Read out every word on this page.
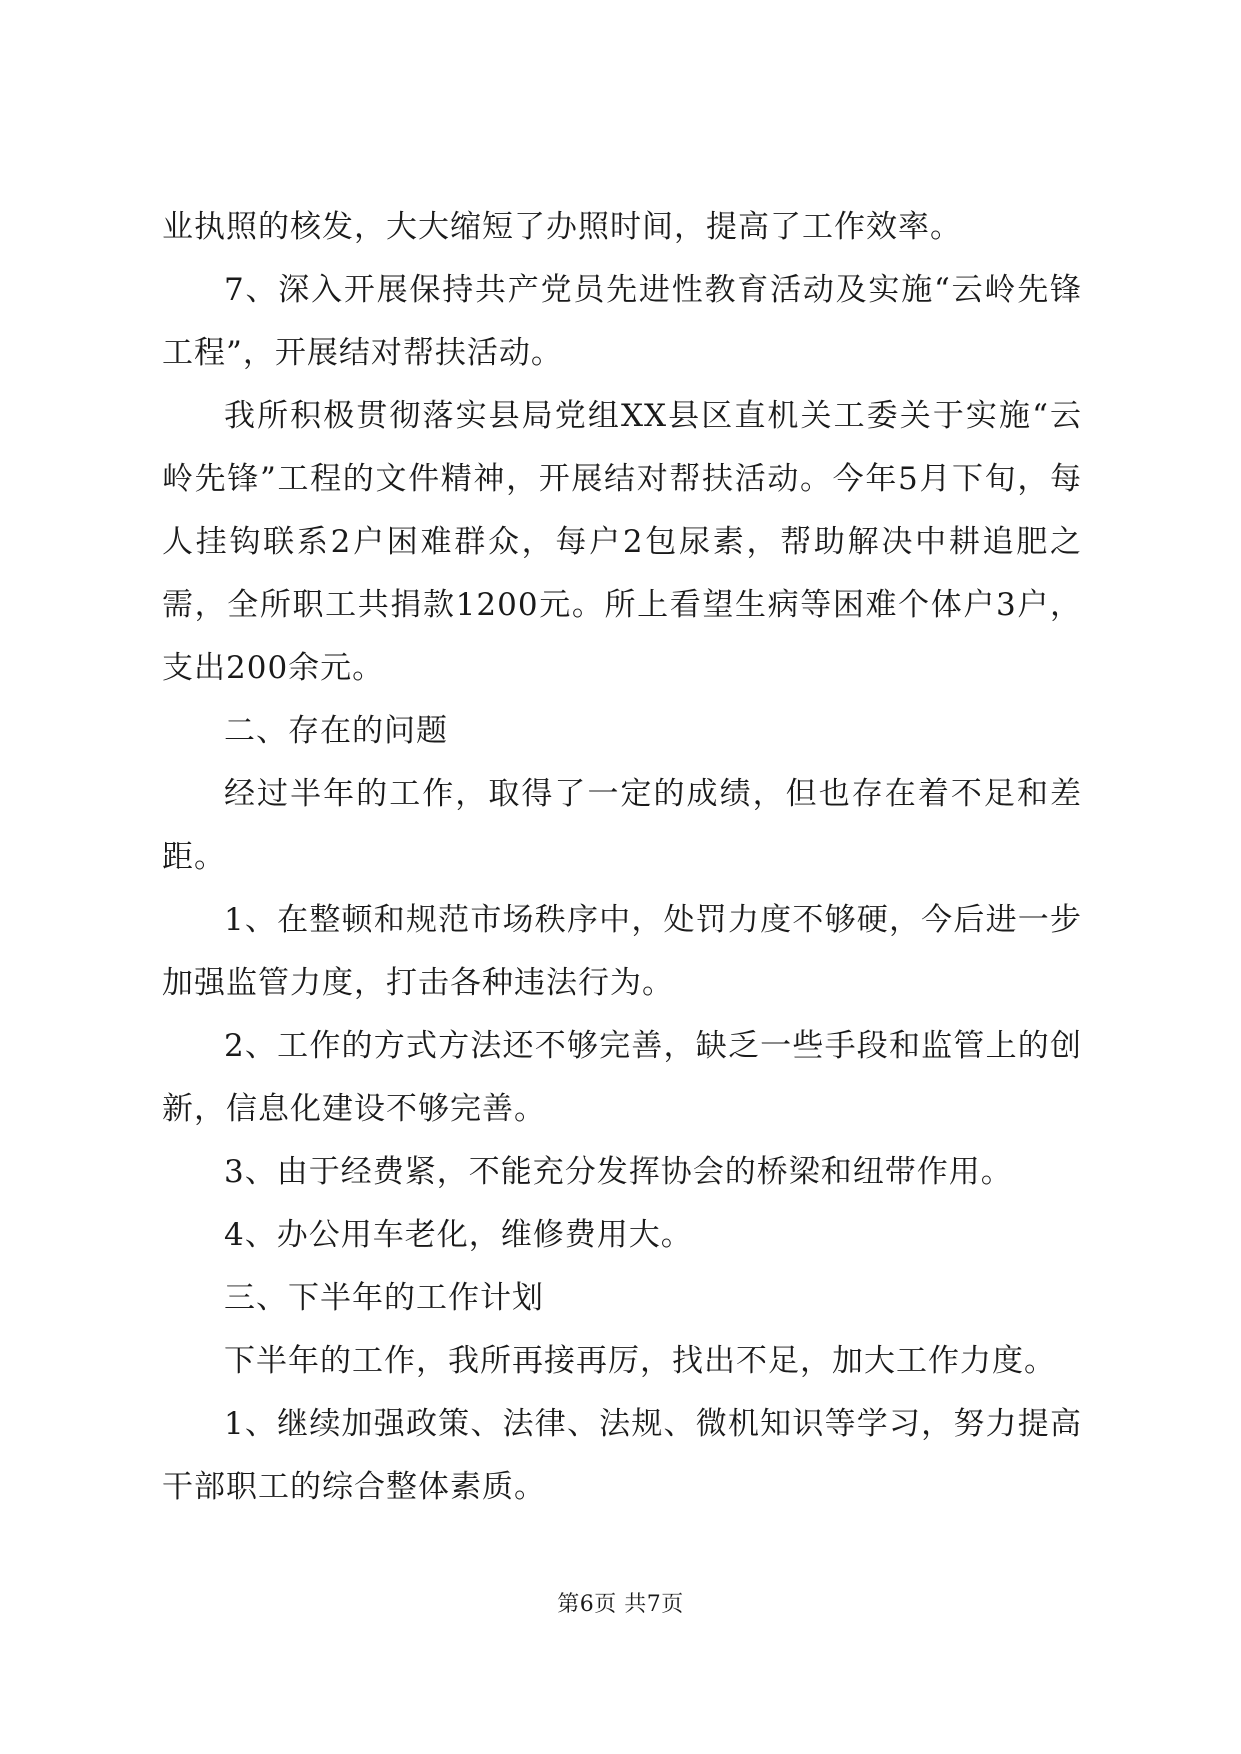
业执照的核发，大大缩短了办照时间，提高了工作效率。

7、深入开展保持共产党员先进性教育活动及实施“云岭先锋工程”，开展结对帮扶活动。

我所积极贯彻落实县局党组XX县区直机关工委关于实施“云岭先锋”工程的文件精神，开展结对帮扶活动。今年5月下旬，每人挂钩联系2户困难群众，每户2包尿素，帮助解决中耕追肥之需，全所职工共捐款1200元。所上看望生病等困难个体户3户，支出200余元。

二、存在的问题

经过半年的工作，取得了一定的成绩，但也存在着不足和差距。

1、在整顿和规范市场秩序中，处罚力度不够硬，今后进一步加强监管力度，打击各种违法行为。

2、工作的方式方法还不够完善，缺乏一些手段和监管上的创新，信息化建设不够完善。

3、由于经费紧，不能充分发挥协会的桥梁和纽带作用。

4、办公用车老化，维修费用大。

三、下半年的工作计划

下半年的工作，我所再接再厉，找出不足，加大工作力度。

1、继续加强政策、法律、法规、微机知识等学习，努力提高干部职工的综合整体素质。

第6页 共7页
